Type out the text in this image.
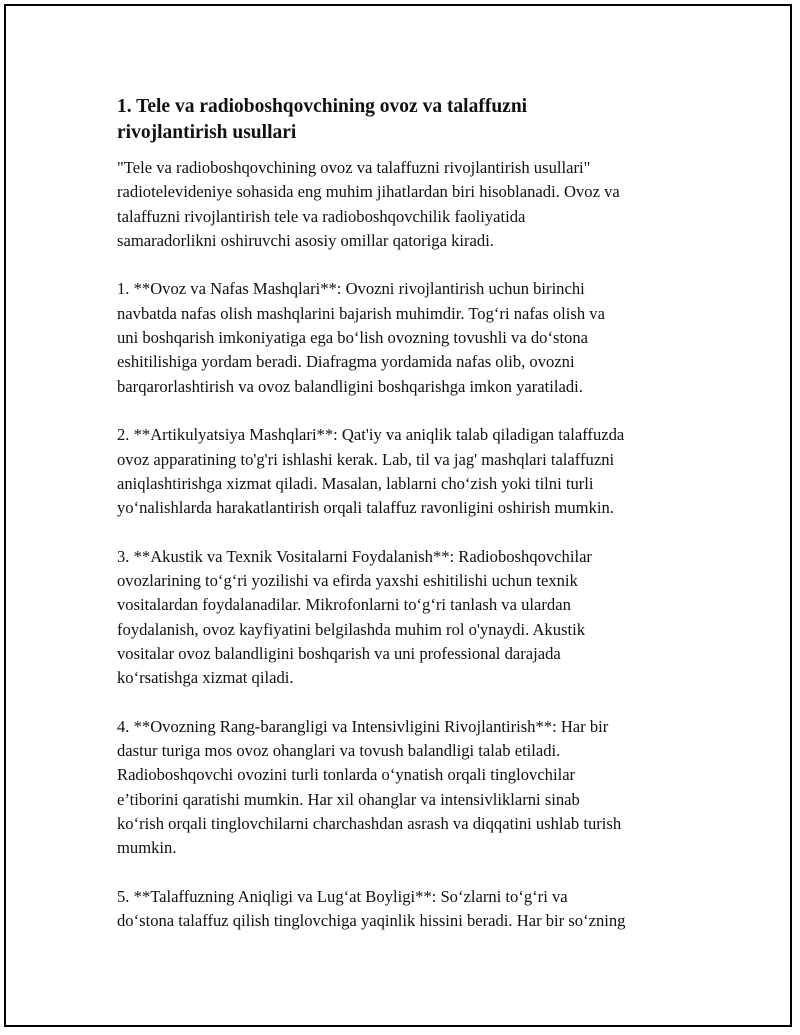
1. Tele va radioboshqovchining ovoz va talaffuzni
rivojlantirish usullari

"Tele va radioboshqovchining ovoz va talaffuzni rivojlantirish usullari"
radiotelevideniye sohasida eng muhim jihatlardan biri hisoblanadi. Ovoz va
talaffuzni rivojlantirish tele va radioboshqovchilik faoliyatida
samaradorlikni oshiruvchi asosiy omillar qatoriga kiradi.

1. **Ovoz va Nafas Mashqlari**: Ovozni rivojlantirish uchun birinchi
navbatda nafas olish mashqlarini bajarish muhimdir. Tog‘ri nafas olish va
uni boshqarish imkoniyatiga ega bo‘lish ovozning tovushli va do‘stona
eshitilishiga yordam beradi. Diafragma yordamida nafas olib, ovozni
barqarorlashtirish va ovoz balandligini boshqarishga imkon yaratiladi.

2. **Artikulyatsiya Mashqlari**: Qat'iy va aniqlik talab qiladigan talaffuzda
ovoz apparatining to'g'ri ishlashi kerak. Lab, til va jag' mashqlari talaffuzni
aniqlashtirishga xizmat qiladi. Masalan, lablarni cho‘zish yoki tilni turli
yo‘nalishlarda harakatlantirish orqali talaffuz ravonligini oshirish mumkin.

3. **Akustik va Texnik Vositalarni Foydalanish**: Radioboshqovchilar
ovozlarining to‘g‘ri yozilishi va efirda yaxshi eshitilishi uchun texnik
vositalardan foydalanadilar. Mikrofonlarni to‘g‘ri tanlash va ulardan
foydalanish, ovoz kayfiyatini belgilashda muhim rol o'ynaydi. Akustik
vositalar ovoz balandligini boshqarish va uni professional darajada
ko‘rsatishga xizmat qiladi.

4. **Ovozning Rang-barangligi va Intensivligini Rivojlantirish**: Har bir
dastur turiga mos ovoz ohanglari va tovush balandligi talab etiladi.
Radioboshqovchi ovozini turli tonlarda o‘ynatish orqali tinglovchilar
e’tiborini qaratishi mumkin. Har xil ohanglar va intensivliklarni sinab
ko‘rish orqali tinglovchilarni charchashdan asrash va diqqatini ushlab turish
mumkin.

5. **Talaffuzning Aniqligi va Lug‘at Boyligi**: So‘zlarni to‘g‘ri va
do‘stona talaffuz qilish tinglovchiga yaqinlik hissini beradi. Har bir so‘zning
